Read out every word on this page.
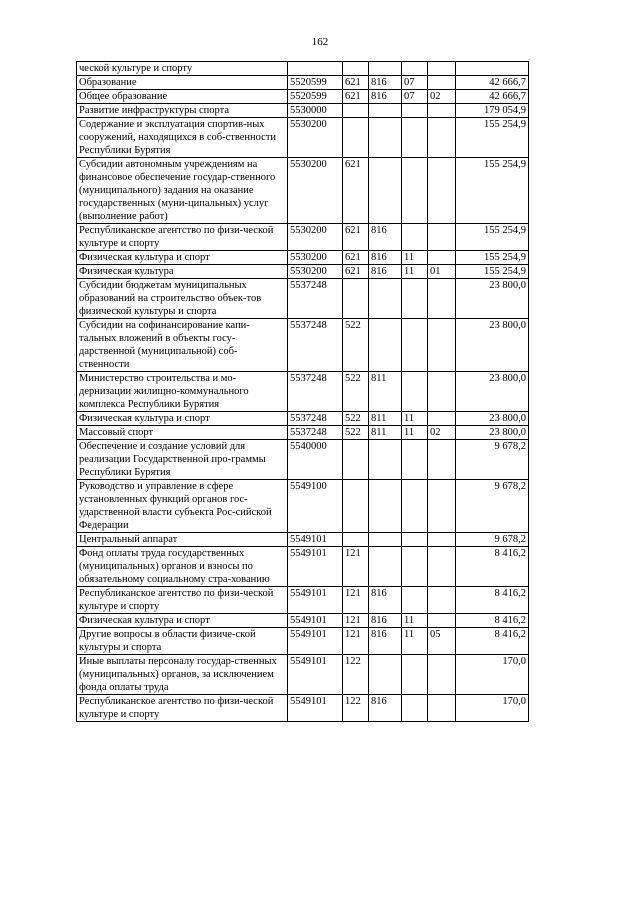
162
ческой культуре и спорту						
Образование	5520599	621	816	07		42 666,7
Общее образование	5520599	621	816	07	02	42 666,7
Развитие инфраструктуры спорта	5530000					179 054,9
Содержание и эксплуатация спортив-ных сооружений, находящихся в соб-ственности Республики Бурятия	5530200					155 254,9
Субсидии автономным учреждениям на финансовое обеспечение государ-ственного (муниципального) задания на оказание государственных (муни-ципальных) услуг (выполнение работ)	5530200	621				155 254,9
Республиканское агентство по физи-ческой культуре и спорту	5530200	621	816			155 254,9
Физическая культура и спорт	5530200	621	816	11		155 254,9
Физическая культура	5530200	621	816	11	01	155 254,9
Субсидии бюджетам муниципальных образований на строительство объек-тов физической культуры и спорта	5537248					23 800,0
Субсидии на софинансирование капи-тальных вложений в объекты госу-дарственной (муниципальной) соб-ственности	5537248	522				23 800,0
Министерство строительства и мо-дернизации жилищно-коммунального комплекса Республики Бурятия	5537248	522	811			23 800,0
Физическая культура и спорт	5537248	522	811	11		23 800,0
Массовый спорт	5537248	522	811	11	02	23 800,0
Обеспечение и создание условий для реализации Государственной про-граммы Республики Бурятия	5540000					9 678,2
Руководство и управление в сфере установленных функций органов гос-ударственной власти субъекта Рос-сийской Федерации	5549100					9 678,2
Центральный аппарат	5549101					9 678,2
Фонд оплаты труда государственных (муниципальных) органов и взносы по обязательному социальному стра-хованию	5549101	121				8 416,2
Республиканское агентство по физи-ческой культуре и спорту	5549101	121	816			8 416,2
Физическая культура и спорт	5549101	121	816	11		8 416,2
Другие вопросы в области физиче-ской культуры и спорта	5549101	121	816	11	05	8 416,2
Иные выплаты персоналу государ-ственных (муниципальных) органов, за исключением фонда оплаты труда	5549101	122				170,0
Республиканское агентство по физи-ческой культуре и спорту	5549101	122	816			170,0
